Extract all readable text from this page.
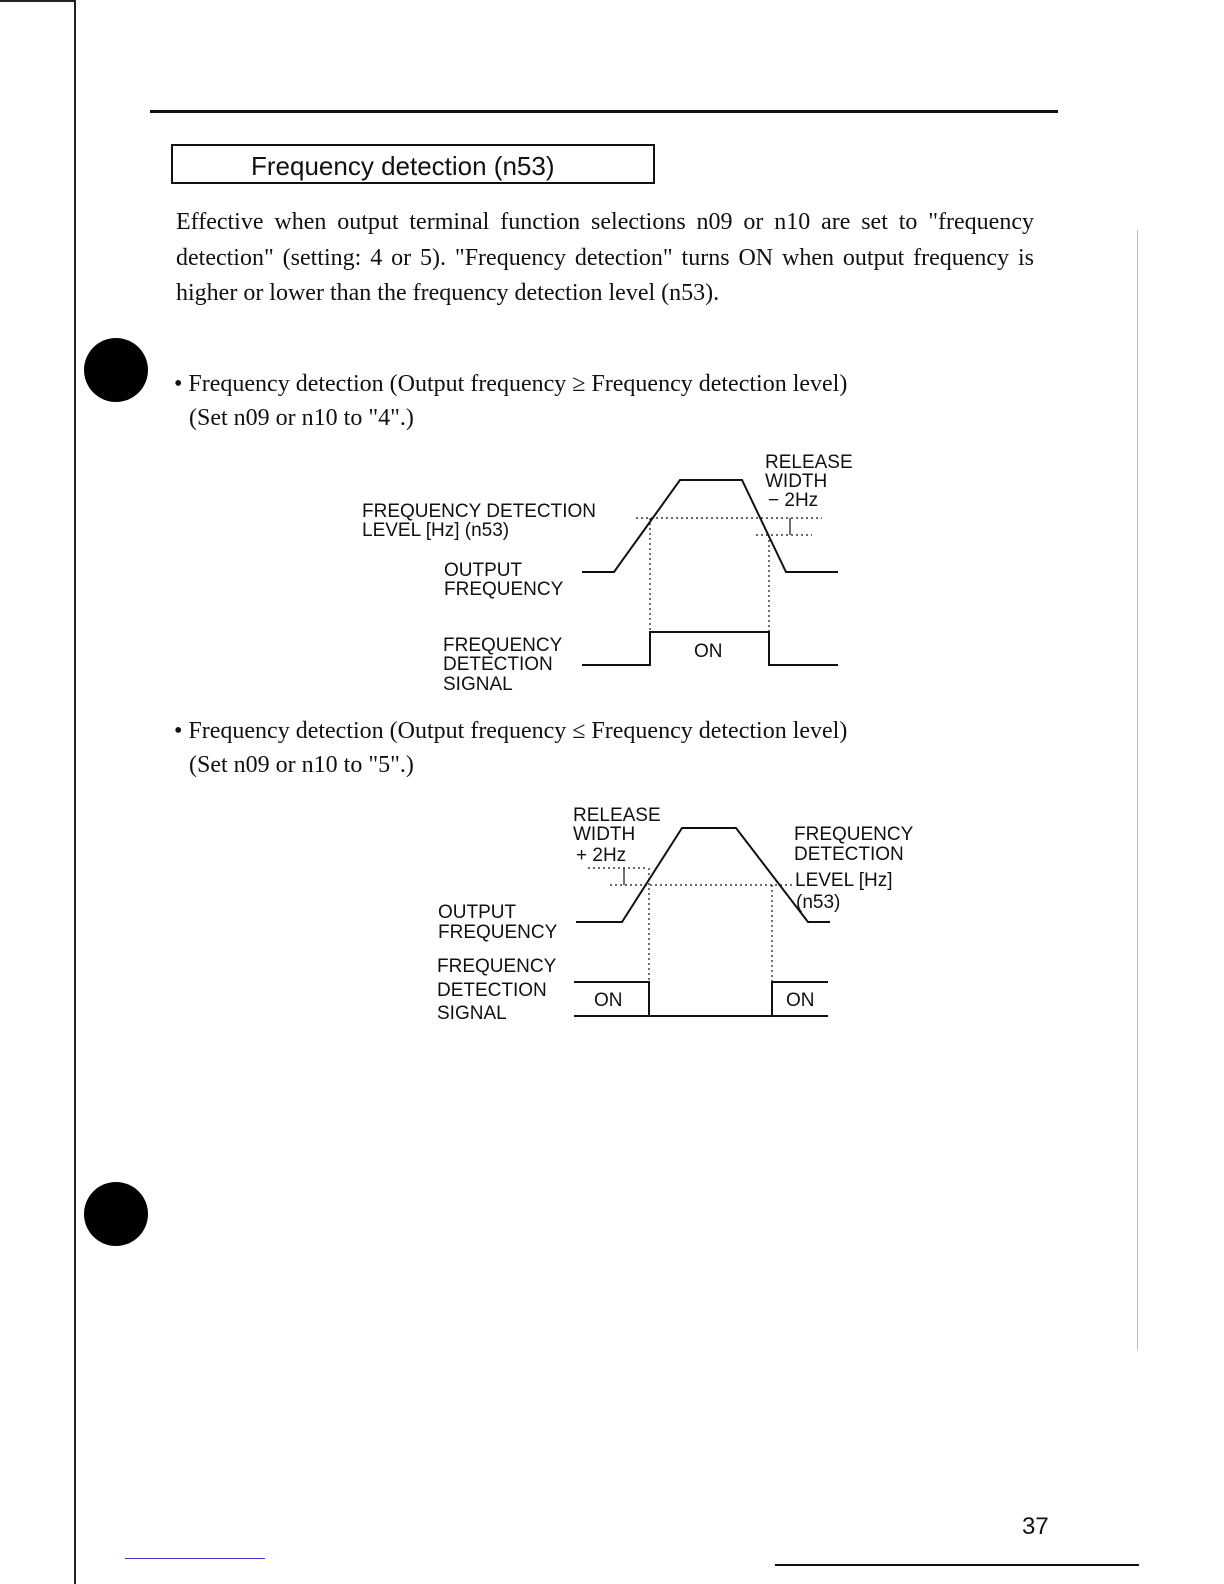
Frequency detection (n53)
Effective when output terminal function selections n09 or n10 are set to "frequency detection" (setting: 4 or 5). "Frequency detection" turns ON when output frequency is higher or lower than the frequency detection level (n53).
• Frequency detection (Output frequency ≥ Frequency detection level)
(Set n09 or n10 to "4".)
• Frequency detection (Output frequency ≤ Frequency detection level)
(Set n09 or n10 to "5".)
RELEASE
WIDTH
− 2Hz
FREQUENCY DETECTION
LEVEL [Hz] (n53)
OUTPUT
FREQUENCY
FREQUENCY
DETECTION
SIGNAL
ON
RELEASE
WIDTH
+ 2Hz
FREQUENCY
DETECTION
LEVEL [Hz]
(n53)
OUTPUT
FREQUENCY
FREQUENCY
DETECTION
SIGNAL
ON	ON
37
